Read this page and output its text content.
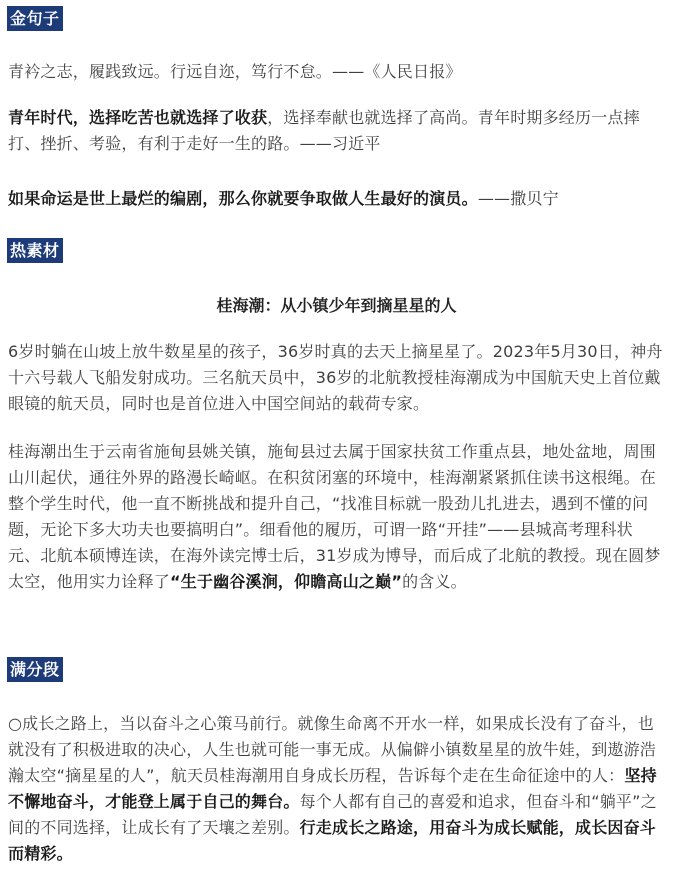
金句子

青衿之志，履践致远。行远自迩，笃行不怠。——《人民日报》

青年时代，选择吃苦也就选择了收获，选择奉献也就选择了高尚。青年时期多经历一点摔打、挫折、考验，有利于走好一生的路。——习近平

如果命运是世上最烂的编剧，那么你就要争取做人生最好的演员。——撒贝宁

热素材
桂海潮：从小镇少年到摘星星的人

6岁时躺在山坡上放牛数星星的孩子，36岁时真的去天上摘星星了。2023年5月30日，神舟十六号载人飞船发射成功。三名航天员中，36岁的北航教授桂海潮成为中国航天史上首位戴眼镜的航天员，同时也是首位进入中国空间站的载荷专家。

桂海潮出生于云南省施甸县姚关镇，施甸县过去属于国家扶贫工作重点县，地处盆地，周围山川起伏，通往外界的路漫长崎岖。在积贫闭塞的环境中，桂海潮紧紧抓住读书这根绳。在整个学生时代，他一直不断挑战和提升自己，“找准目标就一股劲儿扎进去，遇到不懂的问题，无论下多大功夫也要搞明白”。细看他的履历，可谓一路“开挂”——县城高考理科状元、北航本硕博连读，在海外读完博士后，31岁成为博导，而后成了北航的教授。现在圆梦太空，他用实力诠释了“生于幽谷溪涧，仰瞻高山之巅”的含义。

满分段

○成长之路上，当以奋斗之心策马前行。就像生命离不开水一样，如果成长没有了奋斗，也就没有了积极进取的决心，人生也就可能一事无成。从偏僻小镇数星星的放牛娃，到遨游浩瀚太空“摘星星的人”，航天员桂海潮用自身成长历程，告诉每个走在生命征途中的人：坚持不懈地奋斗，才能登上属于自己的舞台。每个人都有自己的喜爱和追求，但奋斗和“躺平”之间的不同选择，让成长有了天壤之差别。行走成长之路途，用奋斗为成长赋能，成长因奋斗而精彩。
